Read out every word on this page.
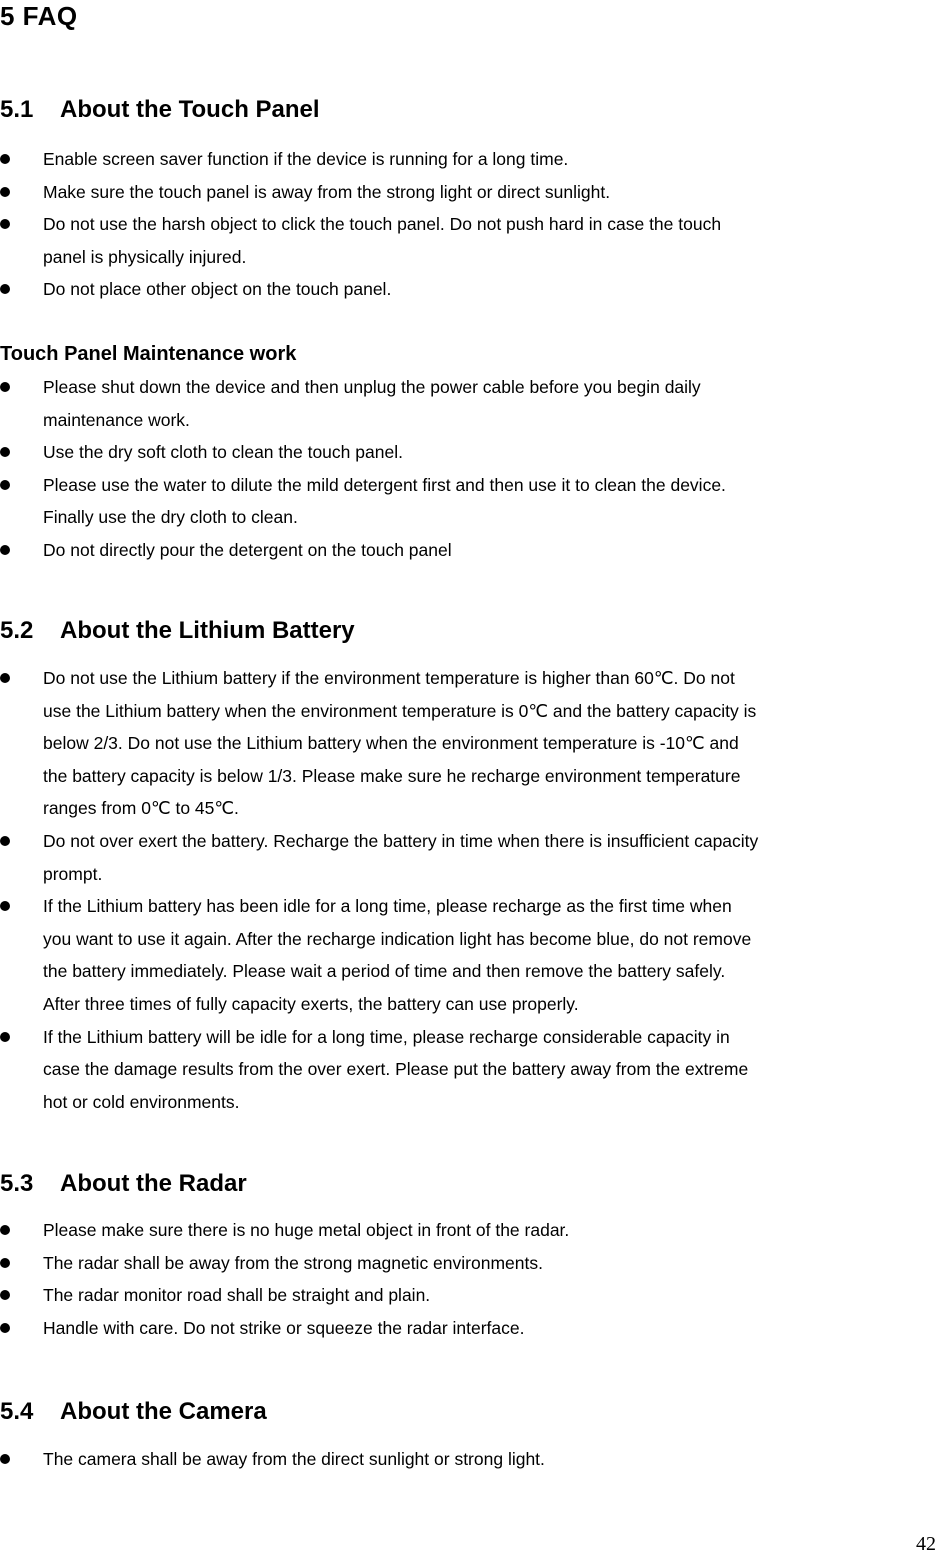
5 FAQ
5.1 About the Touch Panel
Enable screen saver function if the device is running for a long time.
Make sure the touch panel is away from the strong light or direct sunlight.
Do not use the harsh object to click the touch panel. Do not push hard in case the touch
panel is physically injured.
Do not place other object on the touch panel.
Touch Panel Maintenance work
Please shut down the device and then unplug the power cable before you begin daily
maintenance work.
Use the dry soft cloth to clean the touch panel.
Please use the water to dilute the mild detergent first and then use it to clean the device.
Finally use the dry cloth to clean.
Do not directly pour the detergent on the touch panel
5.2 About the Lithium Battery
Do not use the Lithium battery if the environment temperature is higher than 60℃. Do not
use the Lithium battery when the environment temperature is 0℃ and the battery capacity is
below 2/3. Do not use the Lithium battery when the environment temperature is -10℃ and
the battery capacity is below 1/3. Please make sure he recharge environment temperature
ranges from 0℃ to 45℃.
Do not over exert the battery. Recharge the battery in time when there is insufficient capacity
prompt.
If the Lithium battery has been idle for a long time, please recharge as the first time when
you want to use it again. After the recharge indication light has become blue, do not remove
the battery immediately. Please wait a period of time and then remove the battery safely.
After three times of fully capacity exerts, the battery can use properly.
If the Lithium battery will be idle for a long time, please recharge considerable capacity in
case the damage results from the over exert. Please put the battery away from the extreme
hot or cold environments.
5.3 About the Radar
Please make sure there is no huge metal object in front of the radar.
The radar shall be away from the strong magnetic environments.
The radar monitor road shall be straight and plain.
Handle with care. Do not strike or squeeze the radar interface.
5.4 About the Camera
The camera shall be away from the direct sunlight or strong light.
42
